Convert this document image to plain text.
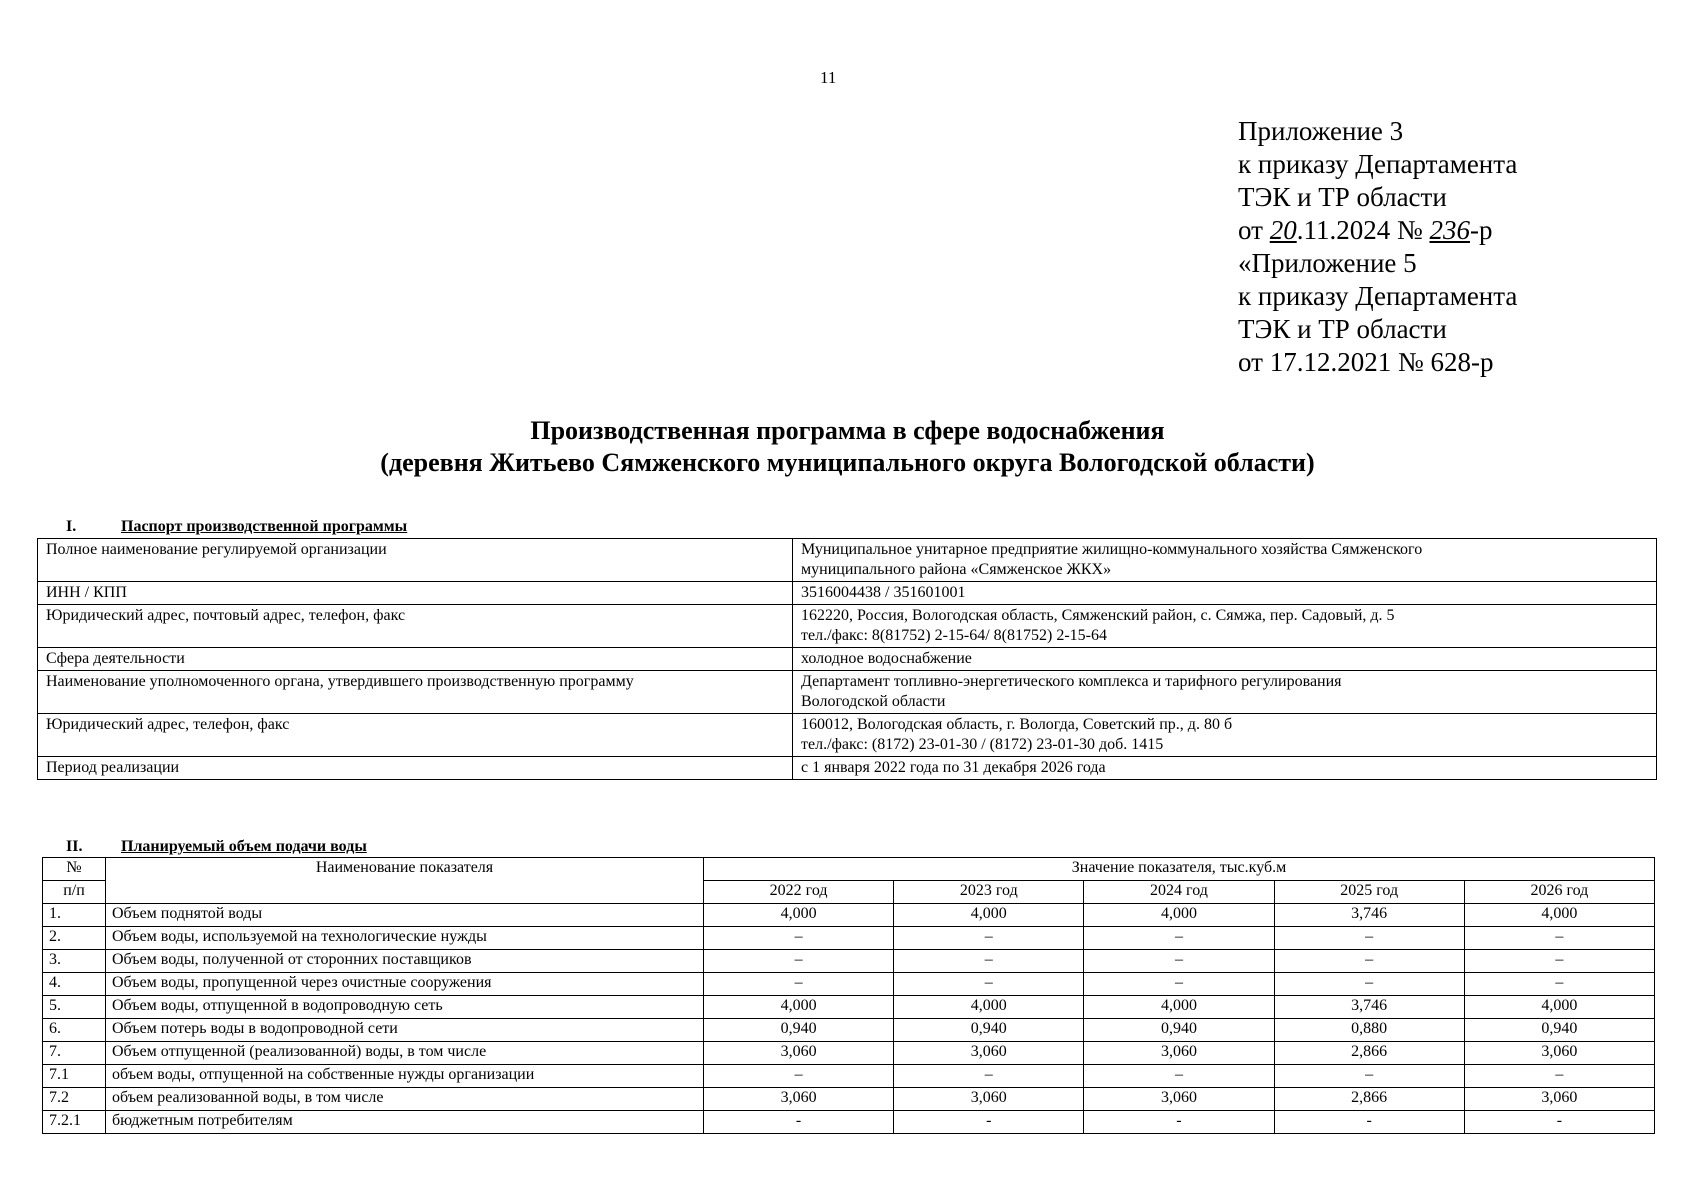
11
Приложение 3
к приказу Департамента
ТЭК и ТР области
от 20.11.2024 № 236-р
«Приложение 5
к приказу Департамента
ТЭК и ТР области
от 17.12.2021 № 628-р
Производственная программа в сфере водоснабжения
(деревня Житьево Сямженского муниципального округа Вологодской области)
I.	Паспорт производственной программы
Полное наименование регулируемой организации	Муниципальное унитарное предприятие жилищно-коммунального хозяйства Сямженского
муниципального района «Сямженское ЖКХ»

ИНН / КПП	3516004438 / 351601001

Юридический адрес, почтовый адрес, телефон, факс	162220, Россия, Вологодская область, Сямженский район, с. Сямжа, пер. Садовый, д. 5
тел./факс: 8(81752) 2-15-64/ 8(81752) 2-15-64

Сфера деятельности	холодное водоснабжение

Наименование уполномоченного органа, утвердившего производственную программу	Департамент топливно-энергетического комплекса и тарифного регулирования
Вологодской области

Юридический адрес, телефон, факс	160012, Вологодская область, г. Вологда, Советский пр., д. 80 б
тел./факс: (8172) 23-01-30 / (8172) 23-01-30 доб. 1415

Период реализации	с 1 января 2022 года по 31 декабря 2026 года
II. Планируемый объем подачи воды
№	Наименование показателя	Значение показателя, тыс.куб.м				
п/п		2022 год	2023 год	2024 год	2025 год	2026 год
1.	Объем поднятой воды	4,000	4,000	4,000	3,746	4,000
2.	Объем воды, используемой на технологические нужды	–	–	–	–	–
3.	Объем воды, полученной от сторонних поставщиков	–	–	–	–	–
4.	Объем воды, пропущенной через очистные сооружения	–	–	–	–	–
5.	Объем воды, отпущенной в водопроводную сеть	4,000	4,000	4,000	3,746	4,000
6.	Объем потерь воды в водопроводной сети	0,940	0,940	0,940	0,880	0,940
7.	Объем отпущенной (реализованной) воды, в том числе	3,060	3,060	3,060	2,866	3,060
7.1	объем воды, отпущенной на собственные нужды организации	–	–	–	–	–
7.2	объем реализованной воды, в том числе	3,060	3,060	3,060	2,866	3,060
7.2.1	бюджетным потребителям	-	-	-	-	-
